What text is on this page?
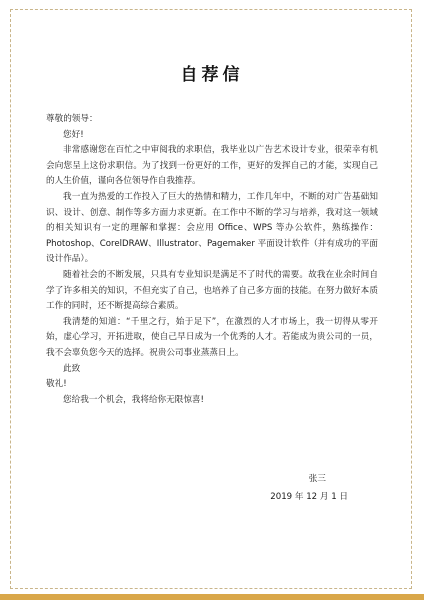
自荐信
尊敬的领导：
您好!
非常感谢您在百忙之中审阅我的求职信，我毕业以广告艺术设计专业，很荣幸有机会向您呈上这份求职信。为了找到一份更好的工作，更好的发挥自己的才能，实现自己的人生价值，谨向各位领导作自我推荐。
我一直为热爱的工作投入了巨大的热情和精力，工作几年中，不断的对广告基础知识、设计、创意、制作等多方面力求更新。在工作中不断的学习与培养，我对这一领域的相关知识有一定的理解和掌握：会应用 Office、WPS 等办公软件，熟练操作：Photoshop、CorelDRAW、Illustrator、Pagemaker 平面设计软件（并有成功的平面设计作品）。
随着社会的不断发展，只具有专业知识是满足不了时代的需要。故我在业余时间自学了许多相关的知识，不但充实了自己，也培养了自己多方面的技能。在努力做好本质工作的同时，还不断提高综合素质。
我清楚的知道：“千里之行，始于足下”，在激烈的人才市场上，我一切得从零开始，虚心学习，开拓进取，使自己早日成为一个优秀的人才。若能成为贵公司的一员，我不会辜负您今天的选择。祝贵公司事业蒸蒸日上。
此致
敬礼!
您给我一个机会，我将给你无限惊喜!
张三
2019 年 12 月 1 日
